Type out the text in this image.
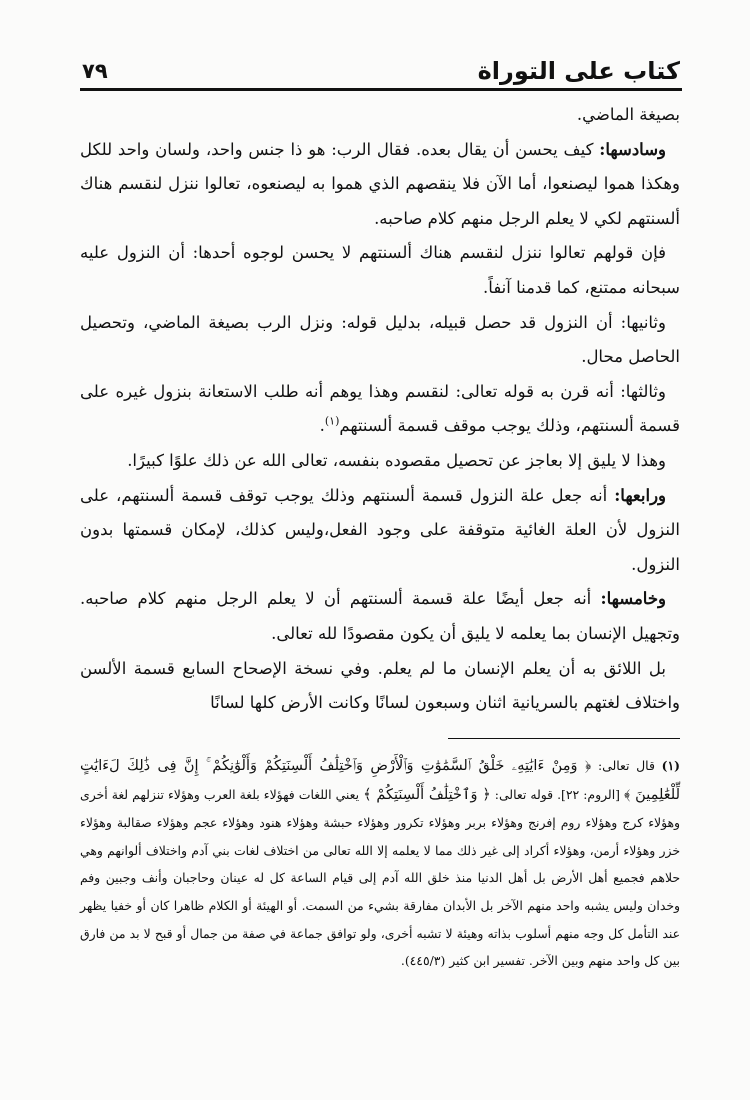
كتاب على التوراة
٧٩

بصيغة الماضي.

وسادسها: كيف يحسن أن يقال بعده. فقال الرب: هو ذا جنس واحد، ولسان واحد للكل وهكذا هموا ليصنعوا، أما الآن فلا ينقصهم الذي هموا به ليصنعوه، تعالوا ننزل لنقسم هناك ألسنتهم لكي لا يعلم الرجل منهم كلام صاحبه.

فإن قولهم تعالوا ننزل لنقسم هناك ألسنتهم لا يحسن لوجوه أحدها: أن النزول عليه سبحانه ممتنع، كما قدمنا آنفاً.

وثانيها: أن النزول قد حصل قبيله، بدليل قوله: ونزل الرب بصيغة الماضي، وتحصيل الحاصل محال.

وثالثها: أنه قرن به قوله تعالى: لنقسم وهذا يوهم أنه طلب الاستعانة بنزول غيره على قسمة ألسنتهم، وذلك يوجب موقف قسمة ألسنتهم$^{(١)}$.

وهذا لا يليق إلا بعاجز عن تحصيل مقصوده بنفسه، تعالى الله عن ذلك علوًا كبيرًا.

ورابعها: أنه جعل علة النزول قسمة ألسنتهم وذلك يوجب توقف قسمة ألسنتهم، على النزول لأن العلة الغائية متوقفة على وجود الفعل،وليس كذلك، لإمكان قسمتها بدون النزول.

وخامسها: أنه جعل أيضًا علة قسمة ألسنتهم أن لا يعلم الرجل منهم كلام صاحبه. وتجهيل الإنسان بما يعلمه لا يليق أن يكون مقصودًا لله تعالى.

بل اللائق به أن يعلم الإنسان ما لم يعلم. وفي نسخة الإصحاح السابع قسمة الألسن واختلاف لغتهم بالسريانية اثنان وسبعون لسانًا وكانت الأرض كلها لسانًا

(١) قال تعالى: ﴿ وَمِنْ ءَايَٰتِهِۦ خَلْقُ ٱلسَّمَٰوَٰتِ وَٱلْأَرْضِ وَٱخْتِلَٰفُ أَلْسِنَتِكُمْ وَأَلْوَٰنِكُمْ ۚ إِنَّ فِى ذَٰلِكَ لَءَايَٰتٍ لِّلْعَٰلِمِينَ ﴾ [الروم: ٢٢]. قوله تعالى: ﴿ وَٱخْتِلَٰفُ أَلْسِنَتِكُمْ ﴾ يعني اللغات فهؤلاء بلغة العرب وهؤلاء تنزلهم لغة أخرى وهؤلاء كرج وهؤلاء روم إفرنج وهؤلاء بربر وهؤلاء تكرور وهؤلاء حبشة وهؤلاء هنود وهؤلاء عجم وهؤلاء صقالبة وهؤلاء خزر وهؤلاء أرمن، وهؤلاء أكراد إلى غير ذلك مما لا يعلمه إلا الله تعالى من اختلاف لغات بني آدم واختلاف ألوانهم وهي حلاهم فجميع أهل الأرض بل أهل الدنيا منذ خلق الله آدم إلى قيام الساعة كل له عينان وحاجبان وأنف وجبين وفم وخدان وليس يشبه واحد منهم الآخر بل الأبدان مفارقة بشيء من السمت. أو الهيئة أو الكلام ظاهرا كان أو خفيا يظهر عند التأمل كل وجه منهم أسلوب بذاته وهيئة لا تشبه أخرى، ولو توافق جماعة في صفة من جمال أو قبح لا بد من فارق بين كل واحد منهم وبين الآخر. تفسير ابن كثير (٤٤٥/٣).
